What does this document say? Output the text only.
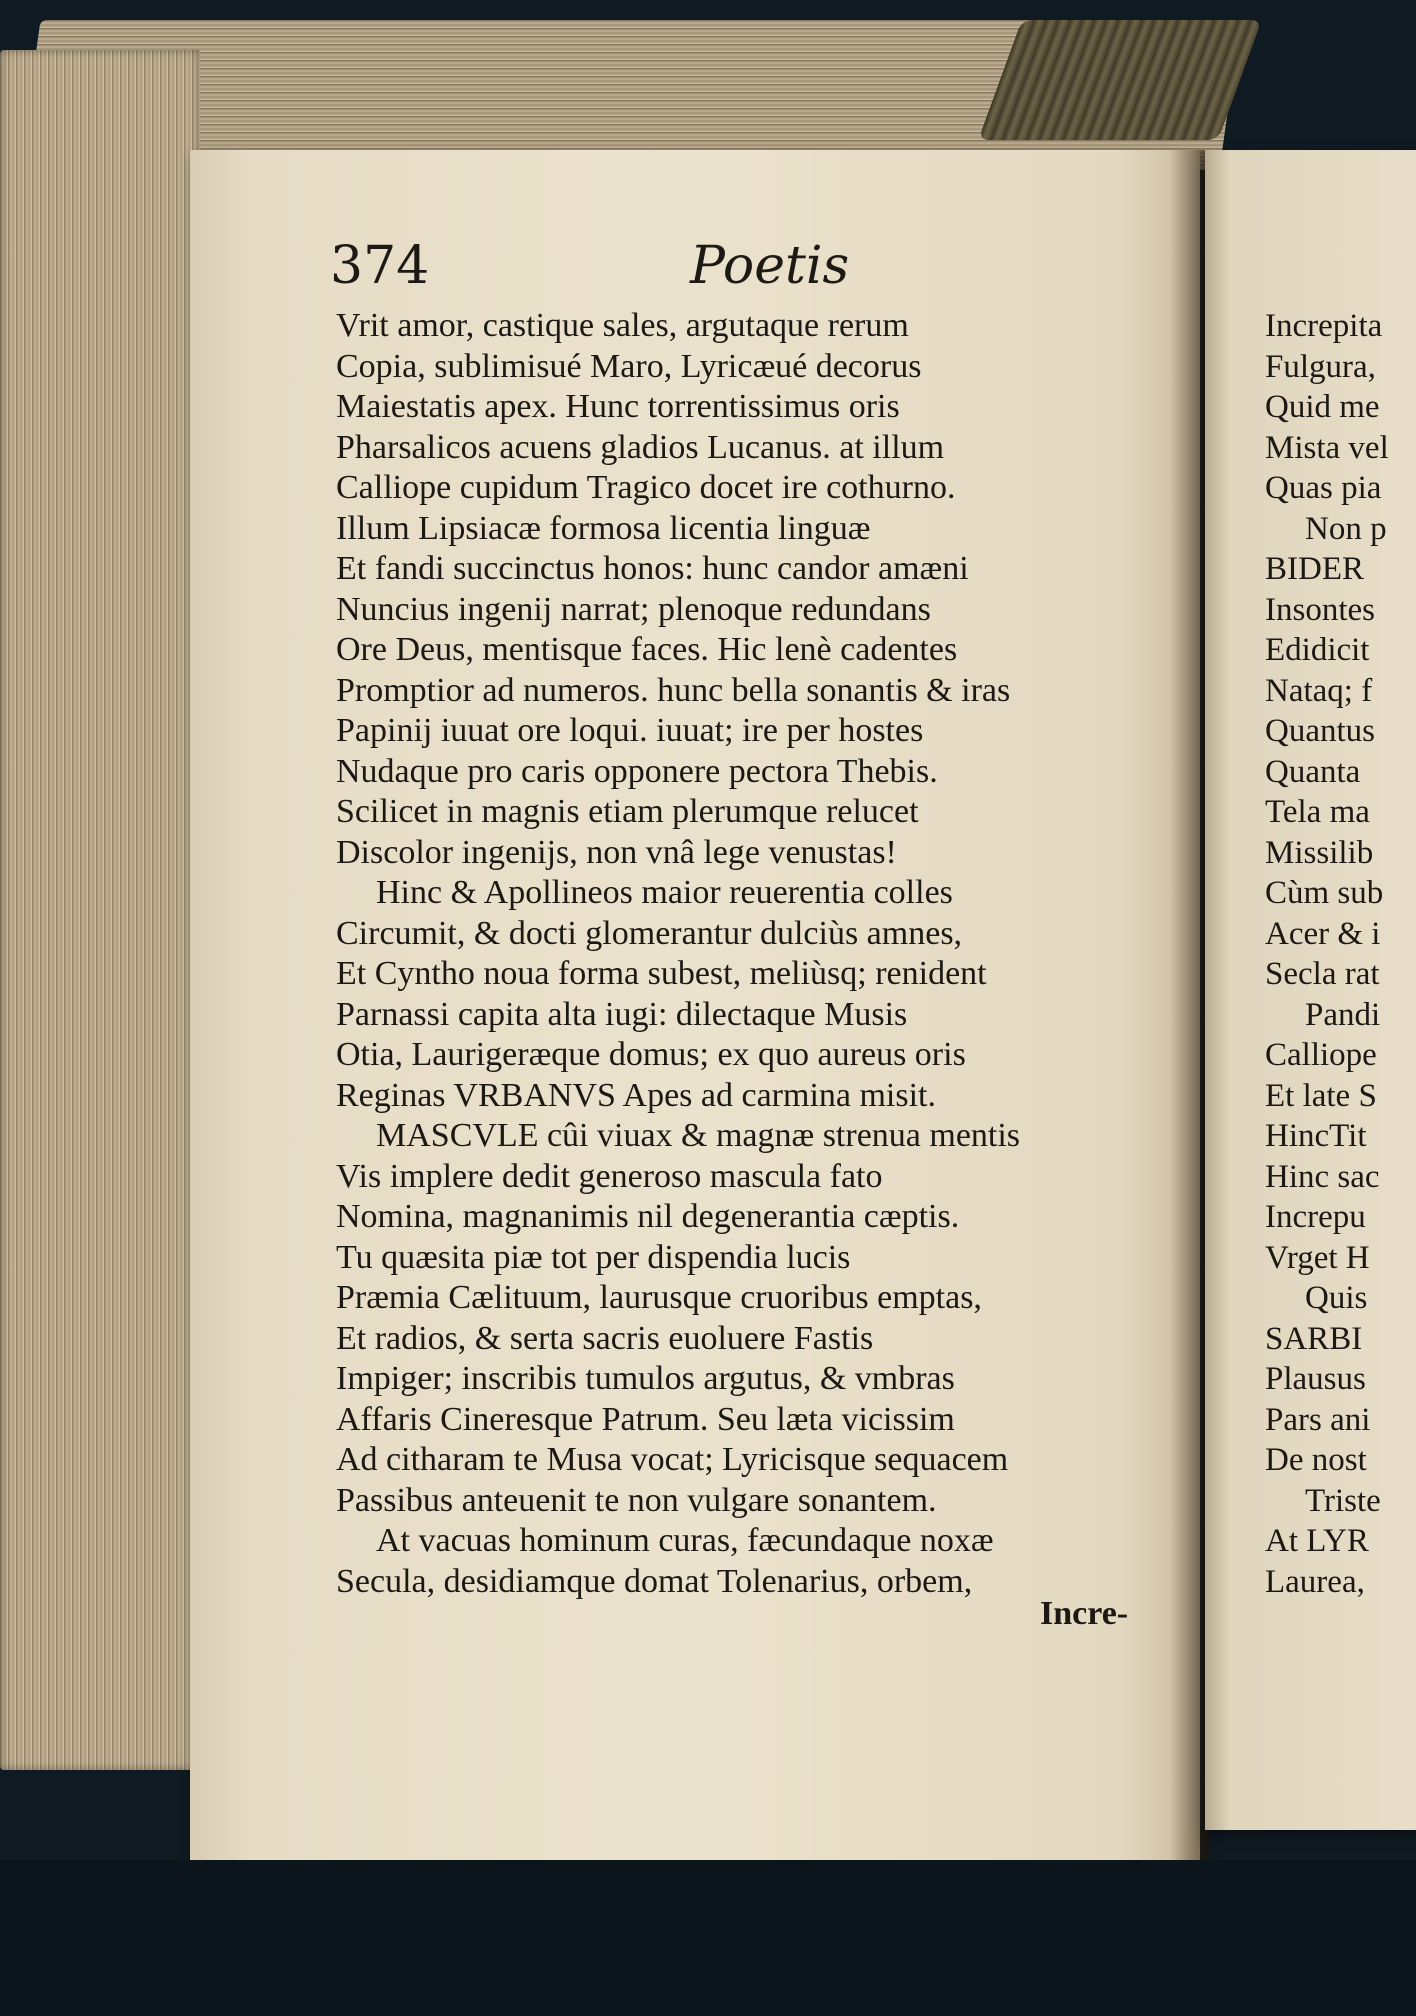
374	Poetis
Vrit amor, castique sales, argutaque rerum
Copia, sublimisué Maro, Lyricæué decorus
Maiestatis apex. Hunc torrentissimus oris
Pharsalicos acuens gladios Lucanus. at illum
Calliope cupidum Tragico docet ire cothurno.
Illum Lipsiacæ formosa licentia linguæ
Et fandi succinctus honos: hunc candor amæni
Nuncius ingenij narrat; plenoque redundans
Ore Deus, mentisque faces. Hic lenè cadentes
Promptior ad numeros. hunc bella sonantis & iras
Papinij iuuat ore loqui. iuuat; ire per hostes
Nudaque pro caris opponere pectora Thebis.
Scilicet in magnis etiam plerumque relucet
Discolor ingenijs, non vnâ lege venustas!
Hinc & Apollineos maior reuerentia colles
Circumit, & docti glomerantur dulciùs amnes,
Et Cyntho noua forma subest, meliùsq; renident
Parnassi capita alta iugi: dilectaque Musis
Otia, Laurigeræque domus; ex quo aureus oris
Reginas VRBANVS Apes ad carmina misit.
MASCVLE cûi viuax & magnæ strenua mentis
Vis implere dedit generoso mascula fato
Nomina, magnanimis nil degenerantia cæptis.
Tu quæsita piæ tot per dispendia lucis
Præmia Cælituum, laurusque cruoribus emptas,
Et radios, & serta sacris euoluere Fastis
Impiger; inscribis tumulos argutus, & vmbras
Affaris Cineresque Patrum. Seu læta vicissim
Ad citharam te Musa vocat; Lyricisque sequacem
Passibus anteuenit te non vulgare sonantem.
At vacuas hominum curas, fæcundaque noxæ
Secula, desidiamque domat Tolenarius, orbem,
Incre-
Increpita
Fulgura,
Quid me
Mista vel
Quas pia
Non p
BIDER
Insontes
Edidicit
Nataq; f
Quantus
Quanta
Tela ma
Missilib
Cùm sub
Acer & i
Secla rat
Pandi
Calliope
Et late S
HincTit
Hinc sac
Increpu
Vrget H
Quis
SARBI
Plausus
Pars ani
De nost
Triste
At LYR
Laurea,
